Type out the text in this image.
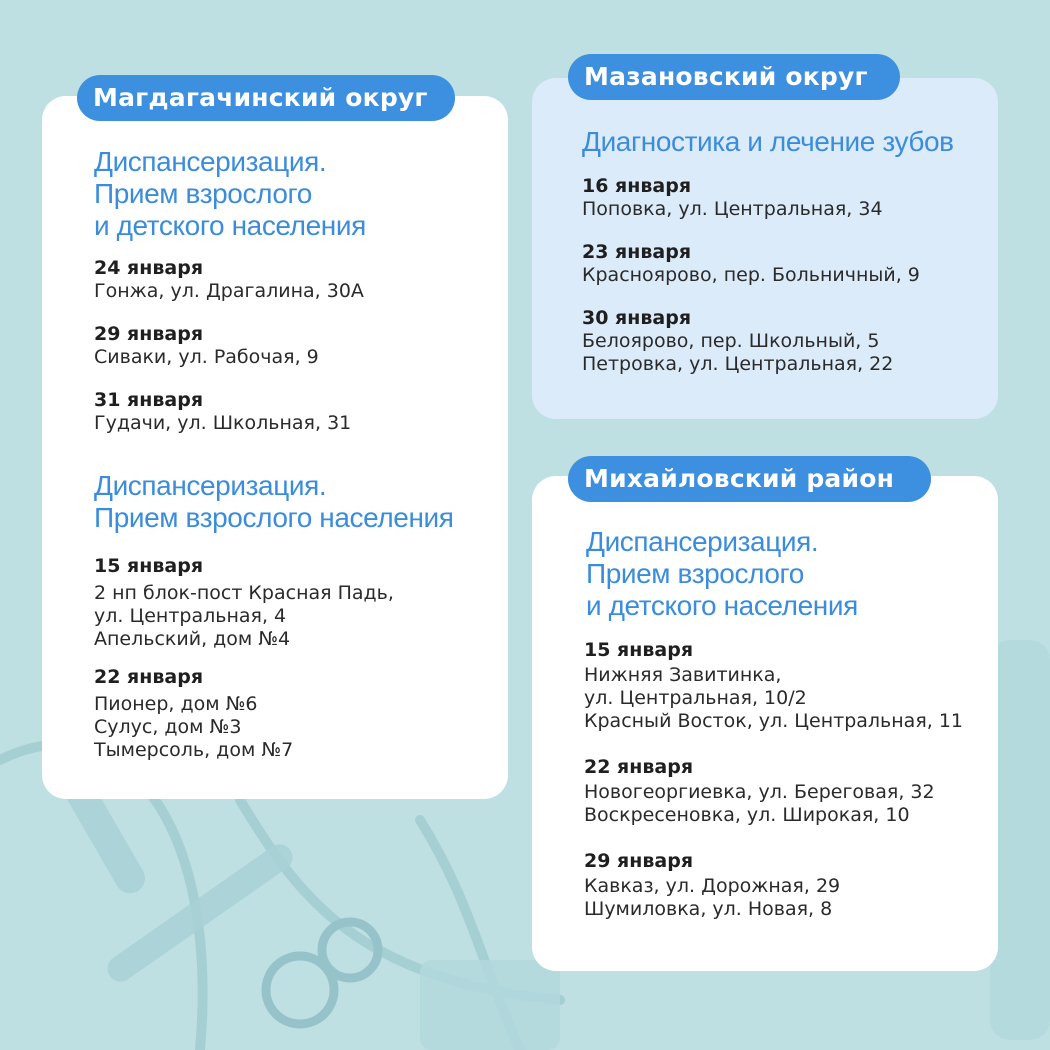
Диспансеризация.
Прием взрослого
и детского населения

24 января

Гонжа, ул. Драгалина, 30А

29 января

Сиваки, ул. Рабочая, 9

31 января

Гудачи, ул. Школьная, 31

Диспансеризация.
Прием взрослого населения

15 января

2 нп блок-пост Красная Падь,
ул. Центральная, 4
Апельский, дом №4

22 января

Пионер, дом №6
Сулус, дом №3
Тымерсоль, дом №7

Магдагачинский округ

Диагностика и лечение зубов

16 января

Поповка, ул. Центральная, 34

23 января

Краснoярово, пер. Больничный, 9

30 января

Белоярово, пер. Школьный, 5
Петровка, ул. Центральная, 22

Мазановский округ

Диспансеризация.
Прием взрослого
и детского населения

15 января

Нижняя Завитинка,
ул. Центральная, 10/2
Красный Восток, ул. Центральная, 11

22 января

Новогеоргиевка, ул. Береговая, 32
Воскресеновка, ул. Широкая, 10

29 января

Кавказ, ул. Дорожная, 29
Шумиловка, ул. Новая, 8

Михайловский район
